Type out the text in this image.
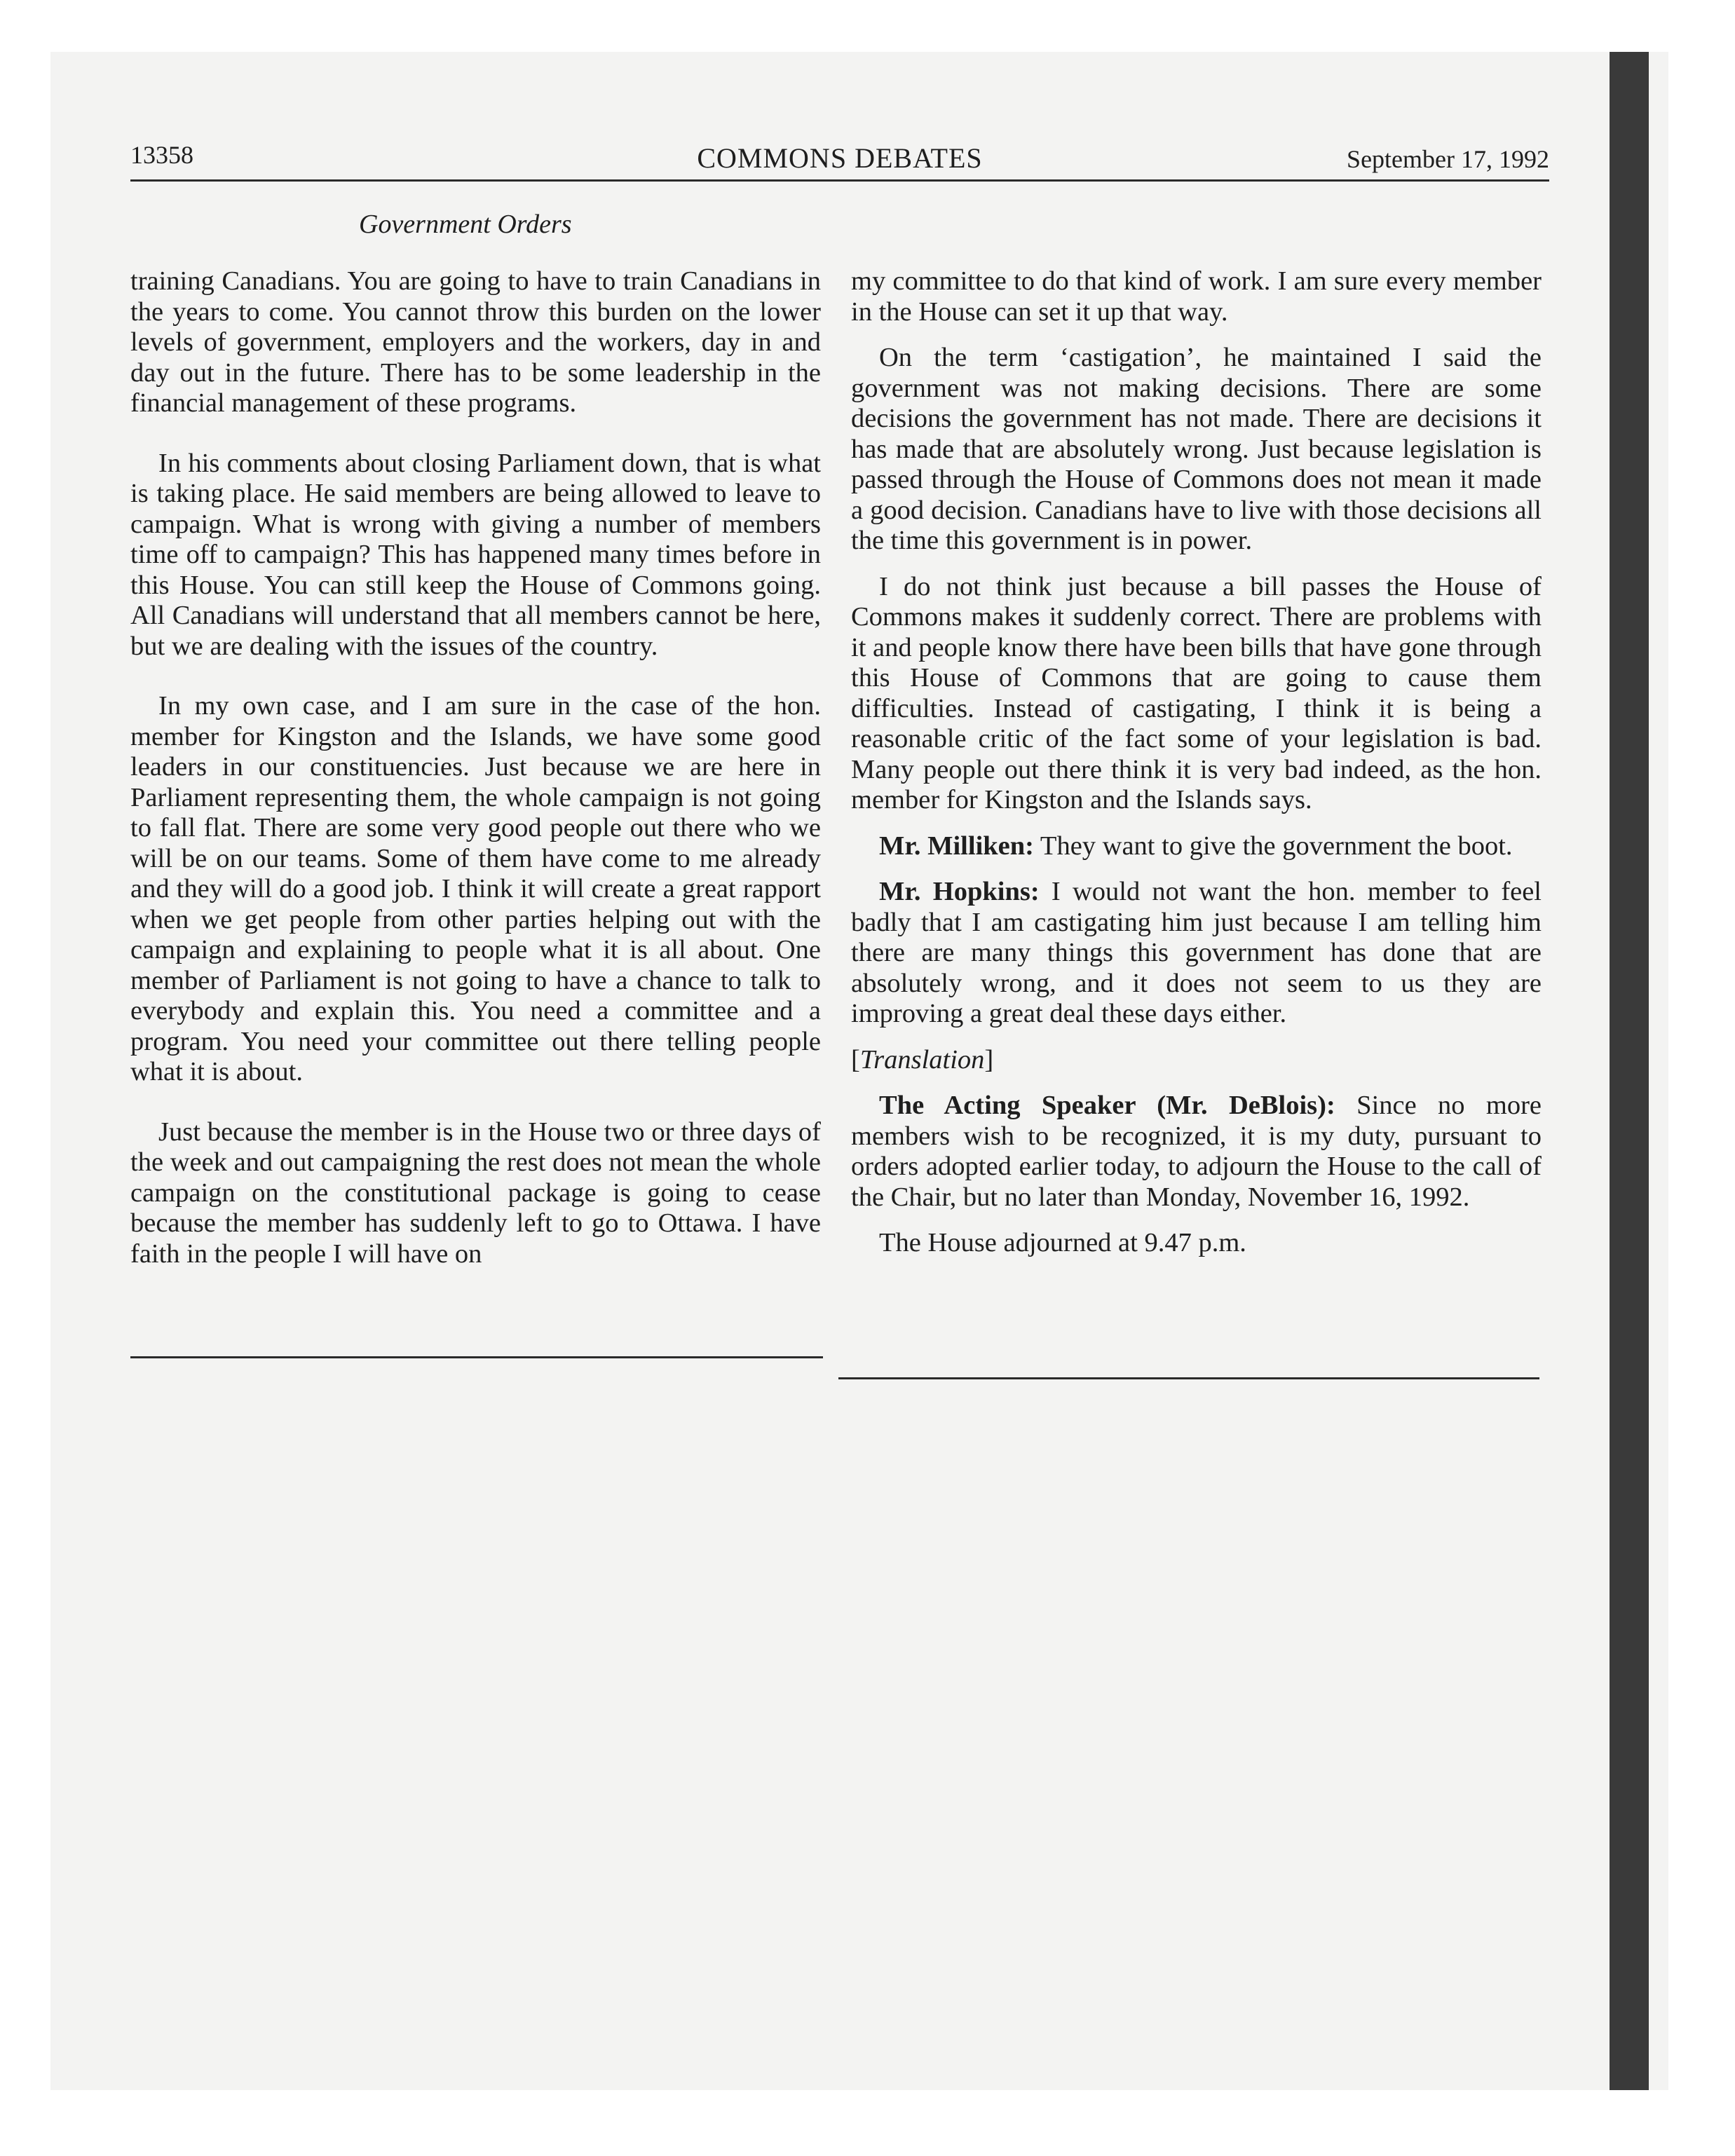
13358	COMMONS DEBATES	September 17, 1992
Government Orders

training Canadians. You are going to have to train Canadians in the years to come. You cannot throw this burden on the lower levels of government, employers and the workers, day in and day out in the future. There has to be some leadership in the financial management of these programs.

In his comments about closing Parliament down, that is what is taking place. He said members are being allowed to leave to campaign. What is wrong with giving a number of members time off to campaign? This has happened many times before in this House. You can still keep the House of Commons going. All Canadians will understand that all members cannot be here, but we are dealing with the issues of the country.

In my own case, and I am sure in the case of the hon. member for Kingston and the Islands, we have some good leaders in our constituencies. Just because we are here in Parliament representing them, the whole campaign is not going to fall flat. There are some very good people out there who we will be on our teams. Some of them have come to me already and they will do a good job. I think it will create a great rapport when we get people from other parties helping out with the campaign and explaining to people what it is all about. One member of Parliament is not going to have a chance to talk to everybody and explain this. You need a committee and a program. You need your committee out there telling people what it is about.

Just because the member is in the House two or three days of the week and out campaigning the rest does not mean the whole campaign on the constitutional package is going to cease because the member has suddenly left to go to Ottawa. I have faith in the people I will have on

my committee to do that kind of work. I am sure every member in the House can set it up that way.

On the term ‘castigation’, he maintained I said the government was not making decisions. There are some decisions the government has not made. There are decisions it has made that are absolutely wrong. Just because legislation is passed through the House of Commons does not mean it made a good decision. Canadians have to live with those decisions all the time this government is in power.

I do not think just because a bill passes the House of Commons makes it suddenly correct. There are problems with it and people know there have been bills that have gone through this House of Commons that are going to cause them difficulties. Instead of castigating, I think it is being a reasonable critic of the fact some of your legislation is bad. Many people out there think it is very bad indeed, as the hon. member for Kingston and the Islands says.

Mr. Milliken: They want to give the government the boot.

Mr. Hopkins: I would not want the hon. member to feel badly that I am castigating him just because I am telling him there are many things this government has done that are absolutely wrong, and it does not seem to us they are improving a great deal these days either.

[Translation]

The Acting Speaker (Mr. DeBlois): Since no more members wish to be recognized, it is my duty, pursuant to orders adopted earlier today, to adjourn the House to the call of the Chair, but no later than Monday, November 16, 1992.

The House adjourned at 9.47 p.m.
